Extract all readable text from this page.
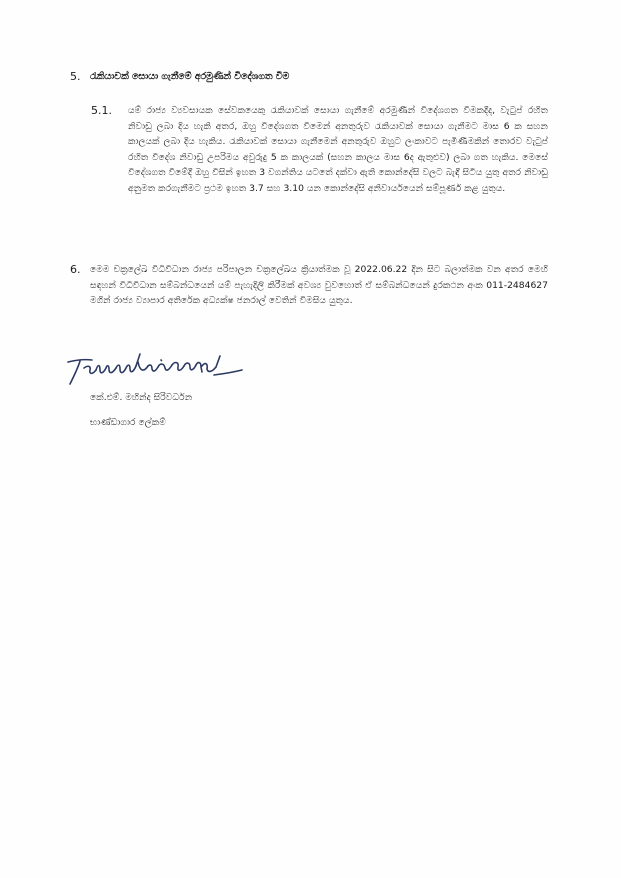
5. රැකියාවක් සොයා ගැනීමේ අරමුණින් විදේශගත වීම
5.1. යම් රාජ්‍ය ව්‍යවසායක සේවකයෙකු රැකියාවක් සොයා ගැනීමේ අරමුණින් විදේශගත වීමකදීද, වැටුප් රහිත නිවාඩු ලබා දිය හැකි අතර, ඔහු විදේශගත වීමෙන් අනතුරුව රැකියාවක් සොයා ගැනීමට මාස 6 ක සහන කාලයක් ලබා දිය හැකිය. රැකියාවක් සොයා ගැනීමෙන් අනතුරුව ඔහුට ලංකාවට පැමිණීමකින් තොරව වැටුප් රහිත විදේශ නිවාඩු උපරිමය අවුරුදු 5 ක කාලයක් (සහන කාලය මාස 6ද ඇතුළුව) ලබා ගත හැකිය. මෙසේ විදේශගත වීමේදී ඔහු විසින් ඉහත 3 වගන්තිය යටතේ දක්වා ඇති කොන්දේසි වලට බැඳී සිටිය යුතු අතර නිවාඩු අනුමත කරගැනීමට ප්‍රථම ඉහත 3.7 සහ 3.10 යන කොන්දේසි අනිවාර්යයෙන් සම්පූර්ණ කළ යුතුය.

6. මෙම චක්‍රලේඛ විධිවිධාන රාජ්‍ය පරිපාලන චක්‍රලේඛය ක්‍රියාත්මක වූ 2022.06.22 දින සිට බලාත්මක වන අතර මෙහි සඳහන් විධිවිධාන සම්බන්ධයෙන් යම් පැහැදිලි කිරීමක් අවශ්‍ය වුවහොත් ඒ සම්බන්ධයෙන් දුරකථන අංක 011-2484627 මගින් රාජ්‍ය ව්‍යාපාර අතිරේක අධ්‍යක්ෂ ජනරාල් වෙතින් විමසිය යුතුය.

කේ.එම්. මහින්ද සිරිවර්ධන
භාණ්ඩාගාර ලේකම්
